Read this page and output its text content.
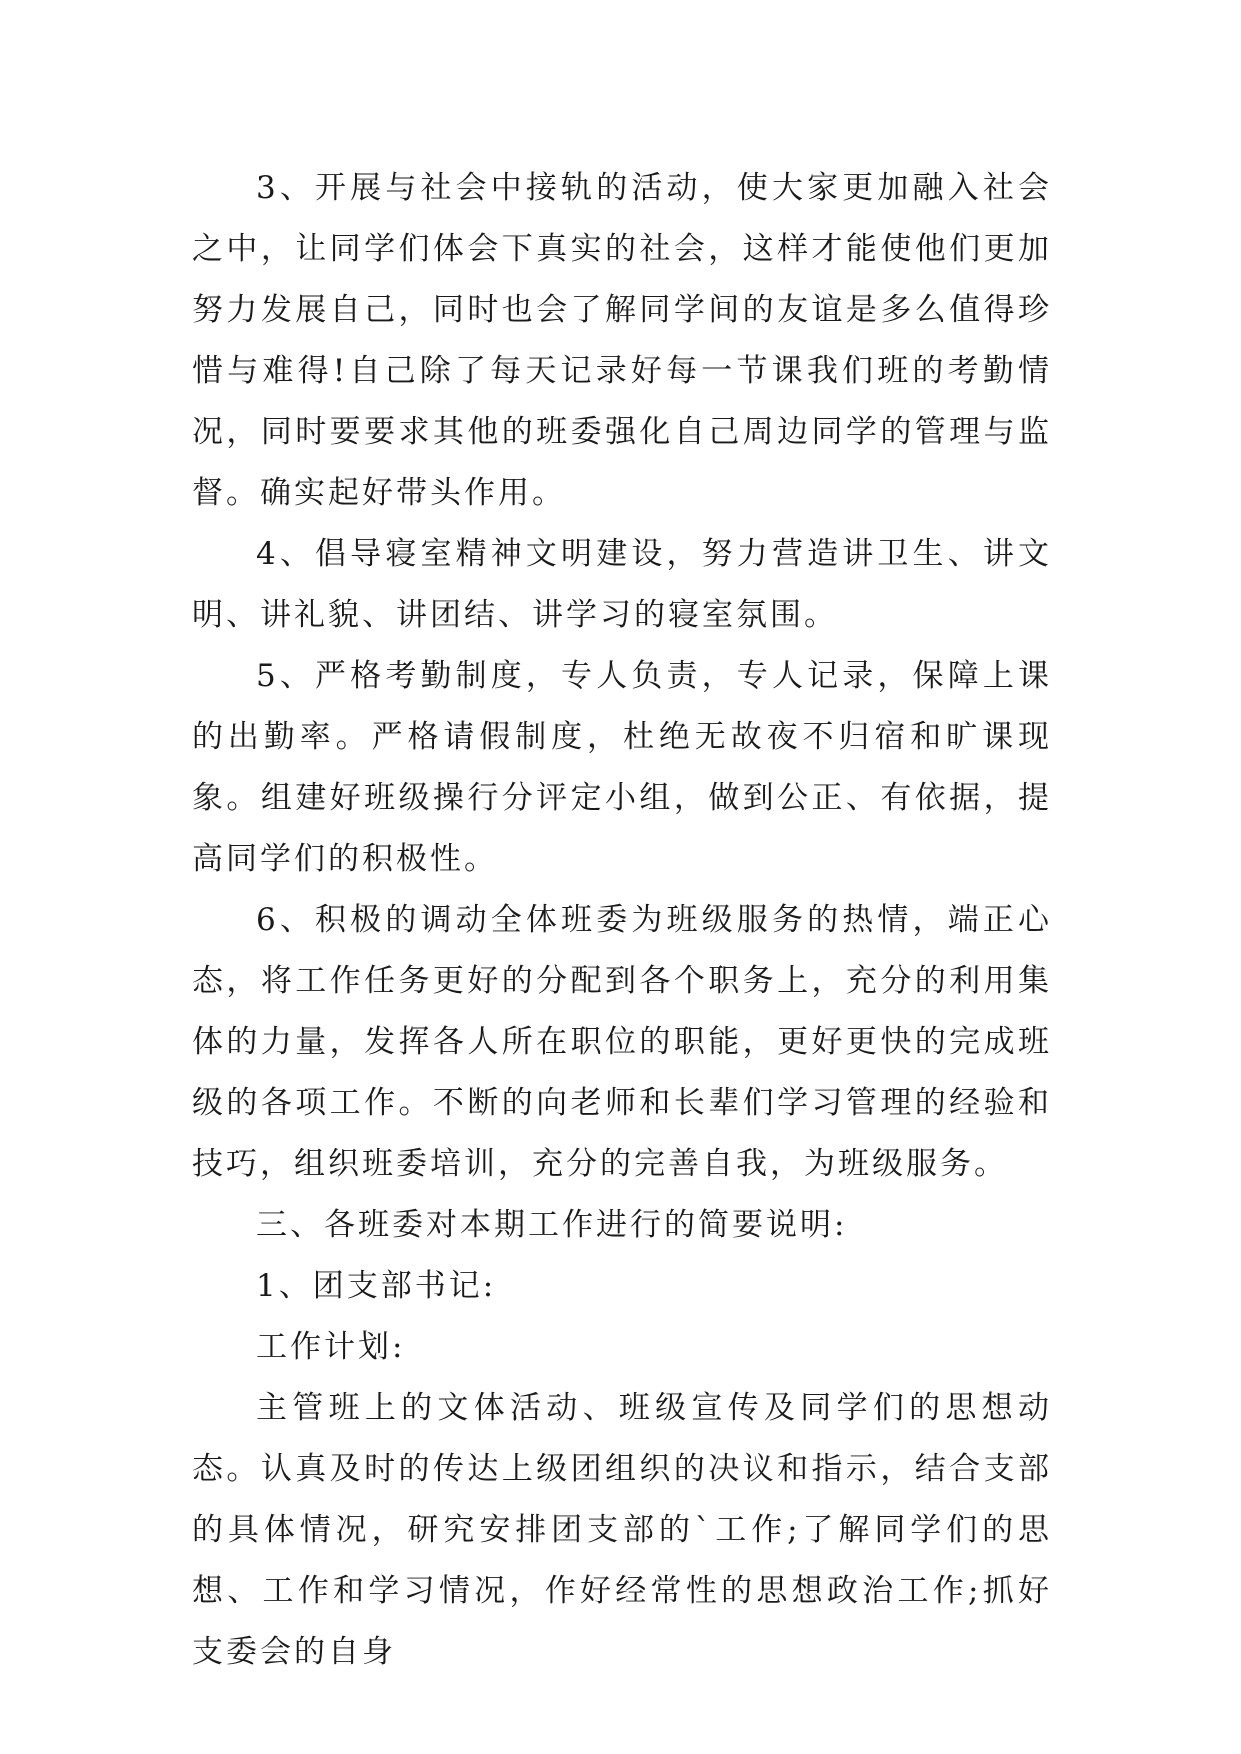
3、开展与社会中接轨的活动，使大家更加融入社会之中，让同学们体会下真实的社会，这样才能使他们更加努力发展自己，同时也会了解同学间的友谊是多么值得珍惜与难得!自己除了每天记录好每一节课我们班的考勤情况，同时要要求其他的班委强化自己周边同学的管理与监督。确实起好带头作用。

4、倡导寝室精神文明建设，努力营造讲卫生、讲文明、讲礼貌、讲团结、讲学习的寝室氛围。

5、严格考勤制度，专人负责，专人记录，保障上课的出勤率。严格请假制度，杜绝无故夜不归宿和旷课现象。组建好班级操行分评定小组，做到公正、有依据，提高同学们的积极性。

6、积极的调动全体班委为班级服务的热情，端正心态，将工作任务更好的分配到各个职务上，充分的利用集体的力量，发挥各人所在职位的职能，更好更快的完成班级的各项工作。不断的向老师和长辈们学习管理的经验和技巧，组织班委培训，充分的完善自我，为班级服务。

三、各班委对本期工作进行的简要说明:

1、团支部书记:

工作计划:

主管班上的文体活动、班级宣传及同学们的思想动态。认真及时的传达上级团组织的决议和指示，结合支部的具体情况，研究安排团支部的`工作;了解同学们的思想、工作和学习情况，作好经常性的思想政治工作;抓好支委会的自身
